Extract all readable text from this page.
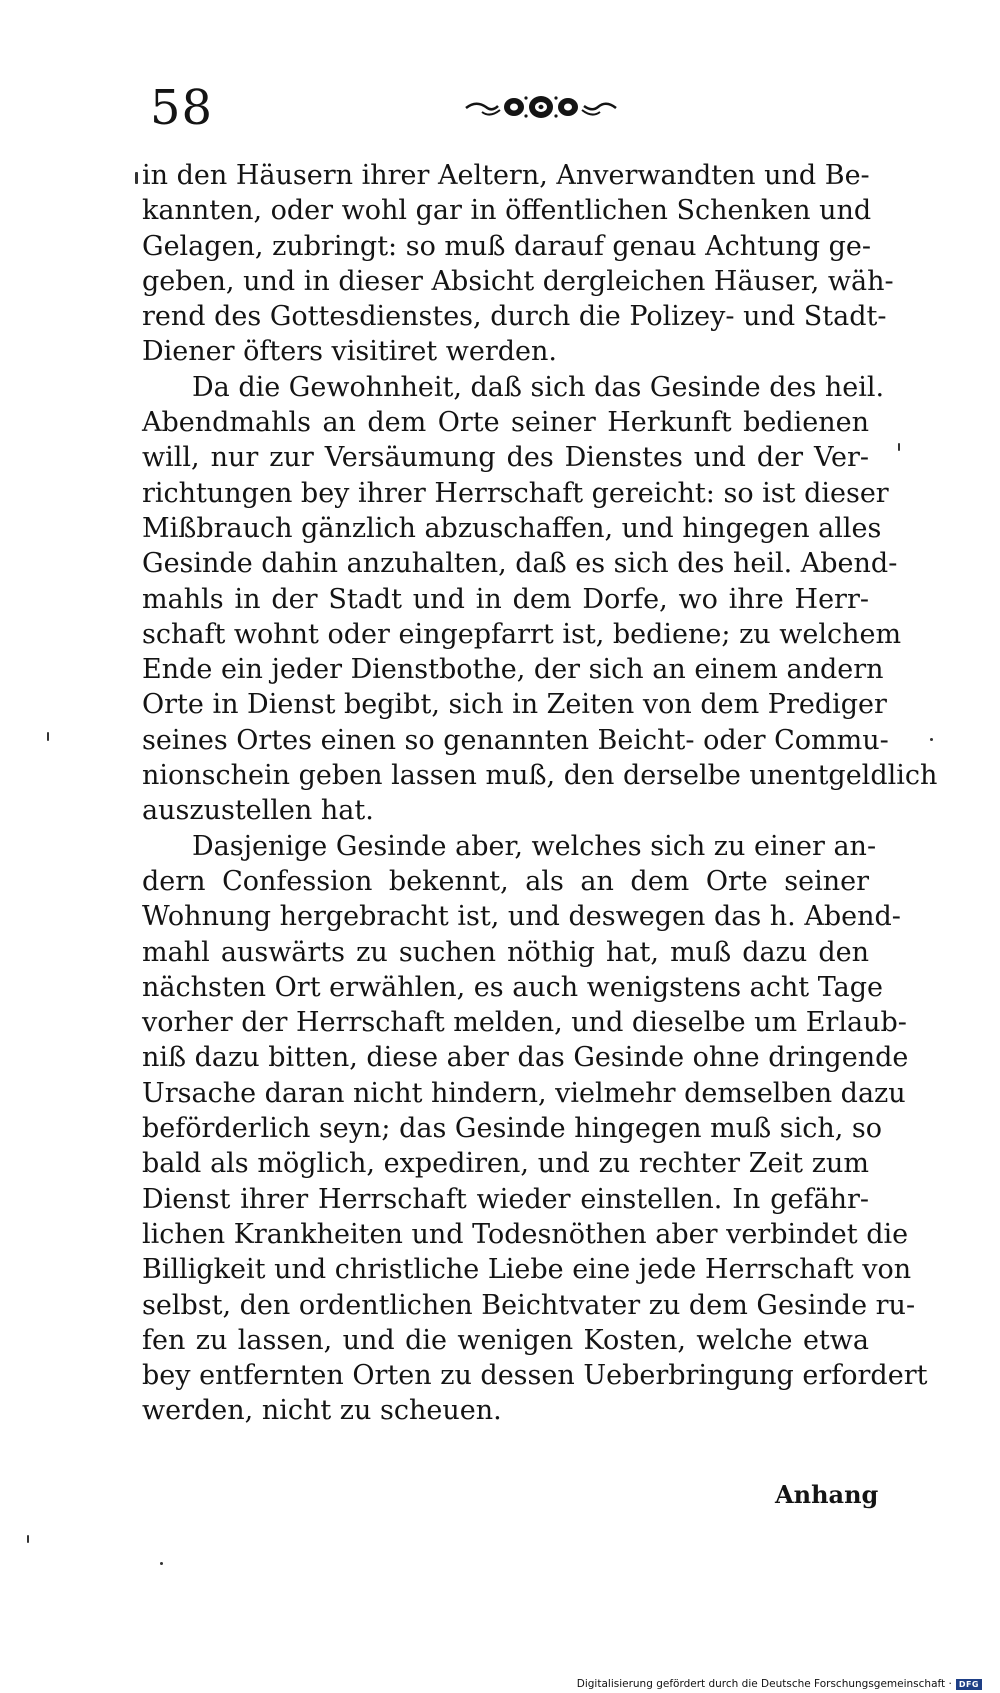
58
in den Häusern ihrer Aeltern, Anverwandten und Be-
kannten, oder wohl gar in öffentlichen Schenken und
Gelagen, zubringt: so muß darauf genau Achtung ge-
geben, und in dieser Absicht dergleichen Häuser, wäh-
rend des Gottesdienstes, durch die Polizey- und Stadt-
Diener öfters visitiret werden.
Da die Gewohnheit, daß sich das Gesinde des heil.
Abendmahls an dem Orte seiner Herkunft bedienen
will, nur zur Versäumung des Dienstes und der Ver-
richtungen bey ihrer Herrschaft gereicht: so ist dieser
Mißbrauch gänzlich abzuschaffen, und hingegen alles
Gesinde dahin anzuhalten, daß es sich des heil. Abend-
mahls in der Stadt und in dem Dorfe, wo ihre Herr-
schaft wohnt oder eingepfarrt ist, bediene; zu welchem
Ende ein jeder Dienstbothe, der sich an einem andern
Orte in Dienst begibt, sich in Zeiten von dem Prediger
seines Ortes einen so genannten Beicht- oder Commu-
nionschein geben lassen muß, den derselbe unentgeldlich
auszustellen hat.
Dasjenige Gesinde aber, welches sich zu einer an-
dern Confession bekennt, als an dem Orte seiner
Wohnung hergebracht ist, und deswegen das h. Abend-
mahl auswärts zu suchen nöthig hat, muß dazu den
nächsten Ort erwählen, es auch wenigstens acht Tage
vorher der Herrschaft melden, und dieselbe um Erlaub-
niß dazu bitten, diese aber das Gesinde ohne dringende
Ursache daran nicht hindern, vielmehr demselben dazu
beförderlich seyn; das Gesinde hingegen muß sich, so
bald als möglich, expediren, und zu rechter Zeit zum
Dienst ihrer Herrschaft wieder einstellen. In gefähr-
lichen Krankheiten und Todesnöthen aber verbindet die
Billigkeit und christliche Liebe eine jede Herrschaft von
selbst, den ordentlichen Beichtvater zu dem Gesinde ru-
fen zu lassen, und die wenigen Kosten, welche etwa
bey entfernten Orten zu dessen Ueberbringung erfordert
werden, nicht zu scheuen.
Anhang
Digitalisierung gefördert durch die Deutsche Forschungsgemeinschaft · DFG
